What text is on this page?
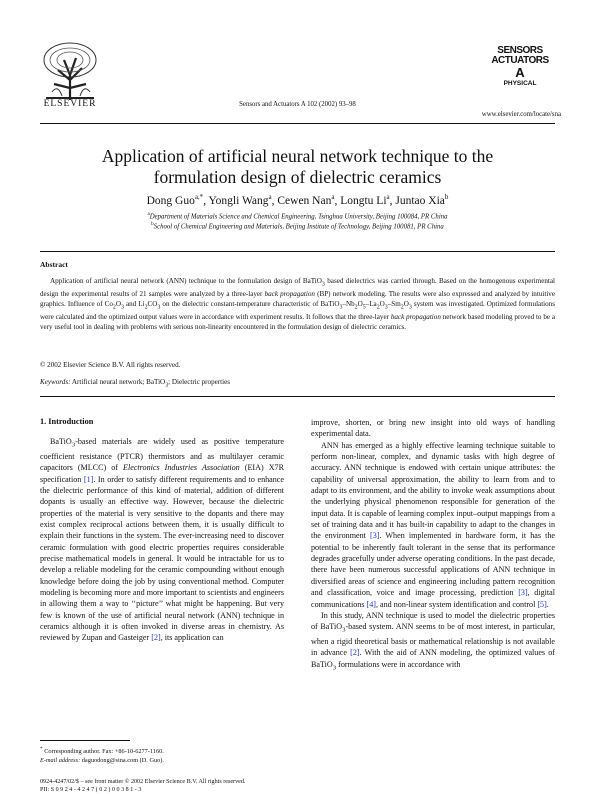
ELSEVIER	Sensors and Actuators A 102 (2002) 93–98
SENSORS
ACTUATORS
A
PHYSICAL
www.elsevier.com/locate/sna
Application of artificial neural network technique to the
formulation design of dielectric ceramics
Dong Guo$^{a,*}$, Yongli Wang$^a$, Cewen Nan$^a$, Longtu Li$^a$, Juntao Xia$^b$
$^a$Department of Materials Science and Chemical Engineering, Tsinghua University, Beijing 100084, PR China
$^b$School of Chemical Engineering and Materials, Beijing Institute of Technology, Beijing 100081, PR China
Abstract

Application of artificial neural network (ANN) technique to the formulation design of BaTiO$_3$ based dielectrics was carried through. Based on the homogenous experimental design the experimental results of 21 samples were analyzed by a three-layer back propagation (BP) network modeling. The results were also expressed and analyzed by intuitive graphics. Influence of $Co_2O_3$ and $Li_2CO_3$ on the dielectric constant-temperature characteristic of $BaTiO_3-Nb_2O_5-La_2O_3-Sm_2O_3$ system was investigated. Optimized formulations were calculated and the optimized output values were in accordance with experiment results. It follows that the three-layer back propagation network based modeling proved to be a very useful tool in dealing with problems with serious non-linearity encountered in the formulation design of dielectric ceramics.

© 2002 Elsevier Science B.V. All rights reserved.
Keywords: Artificial neural network; BaTiO$_3$; Dielectric properties
1. Introduction

BaTiO$_3$-based materials are widely used as positive temperature coefficient resistance (PTCR) thermistors and as multilayer ceramic capacitors (MLCC) of Electronics Industries Association (EIA) X7R specification [1]. In order to satisfy different requirements and to enhance the dielectric performance of this kind of material, addition of different dopants is usually an effective way. However, because the dielectric properties of the material is very sensitive to the dopants and there may exist complex reciprocal actions between them, it is usually difficult to explain their functions in the system. The ever-increasing need to discover ceramic formulation with good electric properties requires considerable precise mathematical models in general. It would be intractable for us to develop a reliable modeling for the ceramic compounding without enough knowledge before doing the job by using conventional method. Computer modeling is becoming more and more important to scientists and engineers in allowing them a way to ‘‘picture’’ what might be happening. But very few is known of the use of artificial neural network (ANN) technique in ceramics although it is often invoked in diverse areas in chemistry. As reviewed by Zupan and Gasteiger [2], its application can

improve, shorten, or bring new insight into old ways of handling experimental data.

ANN has emerged as a highly effective learning technique suitable to perform non-linear, complex, and dynamic tasks with high degree of accuracy. ANN technique is endowed with certain unique attributes: the capability of universal approximation, the ability to learn from and to adapt to its environment, and the ability to invoke weak assumptions about the underlying physical phenomenon responsible for generation of the input data. It is capable of learning complex input–output mappings from a set of training data and it has built-in capability to adapt to the changes in the environment [3]. When implemented in hardware form, it has the potential to be inherently fault tolerant in the sense that its performance degrades gracefully under adverse operating conditions. In the past decade, there have been numerous successful applications of ANN technique in diversified areas of science and engineering including pattern recognition and classification, voice and image processing, prediction [3], digital communications [4], and non-linear system identification and control [5].

In this study, ANN technique is used to model the dielectric properties of BaTiO$_3$-based system. ANN seems to be of most interest, in particular, when a rigid theoretical basis or mathematical relationship is not available in advance [2]. With the aid of ANN modeling, the optimized values of BaTiO$_3$ formulations were in accordance with

* Corresponding author. Fax: +86-10-6277-1160.
E-mail address: daguodong@sina.com (D. Guo).
0924-4247/02/$ – see front matter © 2002 Elsevier Science B.V. All rights reserved.
PII: S 0 9 2 4 - 4 2 4 7 ( 0 2 ) 0 0 3 8 1 - 3
